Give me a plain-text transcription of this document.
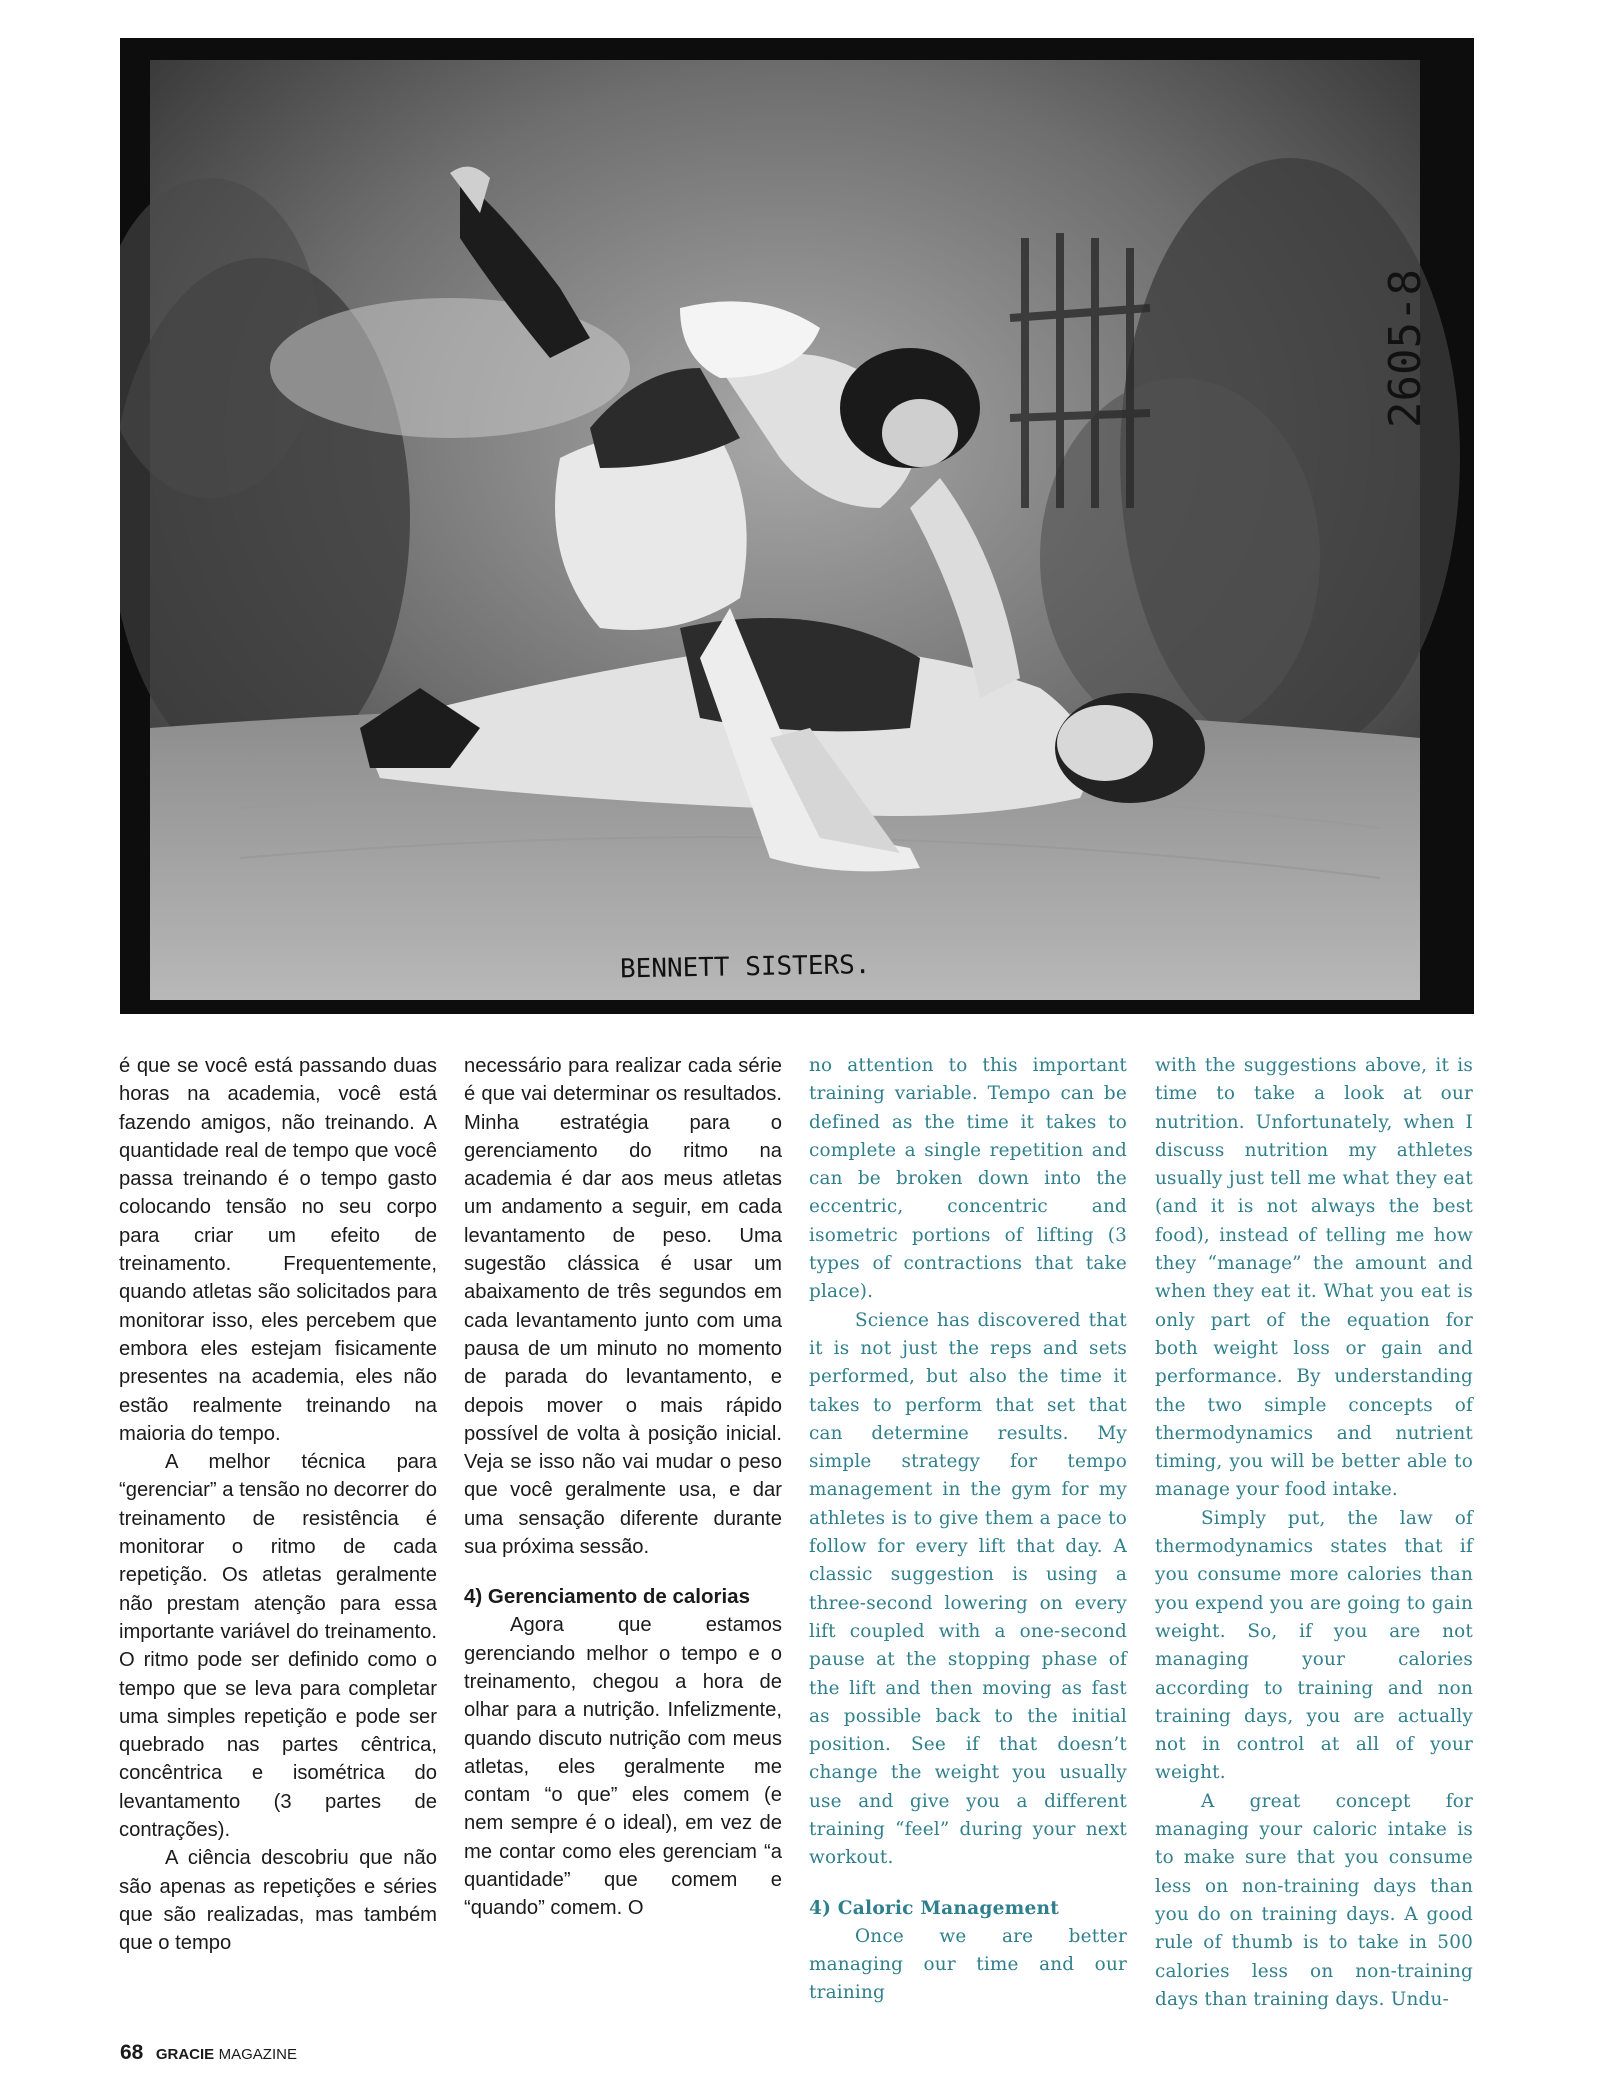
BENNETT SISTERS.
2605-8

é que se você está passando duas horas na academia, você está fazendo amigos, não treinando. A quantidade real de tempo que você passa treinando é o tempo gasto colocando tensão no seu corpo para criar um efeito de treinamento. Frequentemente, quando atletas são solicitados para monitorar isso, eles percebem que embora eles estejam fisicamente presentes na academia, eles não estão realmente treinando na maioria do tempo.

A melhor técnica para “gerenciar” a tensão no decorrer do treinamento de resistência é monitorar o ritmo de cada repetição. Os atletas geralmente não prestam atenção para essa importante variável do treinamento. O ritmo pode ser definido como o tempo que se leva para completar uma simples repetição e pode ser quebrado nas partes cêntrica, concêntrica e isométrica do levantamento (3 partes de contrações).

A ciência descobriu que não são apenas as repetições e séries que são realizadas, mas também que o tempo

necessário para realizar cada série é que vai determinar os resultados. Minha estratégia para o gerenciamento do ritmo na academia é dar aos meus atletas um andamento a seguir, em cada levantamento de peso. Uma sugestão clássica é usar um abaixamento de três segundos em cada levantamento junto com uma pausa de um minuto no momento de parada do levantamento, e depois mover o mais rápido possível de volta à posição inicial. Veja se isso não vai mudar o peso que você geralmente usa, e dar uma sensação diferente durante sua próxima sessão.

4) Gerenciamento de calorias

Agora que estamos gerenciando melhor o tempo e o treinamento, chegou a hora de olhar para a nutrição. Infelizmente, quando discuto nutrição com meus atletas, eles geralmente me contam “o que” eles comem (e nem sempre é o ideal), em vez de me contar como eles gerenciam “a quantidade” que comem e “quando” comem. O

no attention to this important training variable. Tempo can be defined as the time it takes to complete a single repetition and can be broken down into the eccentric, concentric and isometric portions of lifting (3 types of contractions that take place).

Science has discovered that it is not just the reps and sets performed, but also the time it takes to perform that set that can determine results. My simple strategy for tempo management in the gym for my athletes is to give them a pace to follow for every lift that day. A classic suggestion is using a three-second lowering on every lift coupled with a one-second pause at the stopping phase of the lift and then moving as fast as possible back to the initial position. See if that doesn’t change the weight you usually use and give you a different training “feel” during your next workout.

4) Caloric Management

Once we are better managing our time and our training

with the suggestions above, it is time to take a look at our nutrition. Unfortunately, when I discuss nutrition my athletes usually just tell me what they eat (and it is not always the best food), instead of telling me how they “manage” the amount and when they eat it. What you eat is only part of the equation for both weight loss or gain and performance. By understanding the two simple concepts of thermodynamics and nutrient timing, you will be better able to manage your food intake.

Simply put, the law of thermodynamics states that if you consume more calories than you expend you are going to gain weight. So, if you are not managing your calories according to training and non training days, you are actually not in control at all of your weight.

A great concept for managing your caloric intake is to make sure that you consume less on non-training days than you do on training days. A good rule of thumb is to take in 500 calories less on non-training days than training days. Undu-

68 GRACIE MAGAZINE
